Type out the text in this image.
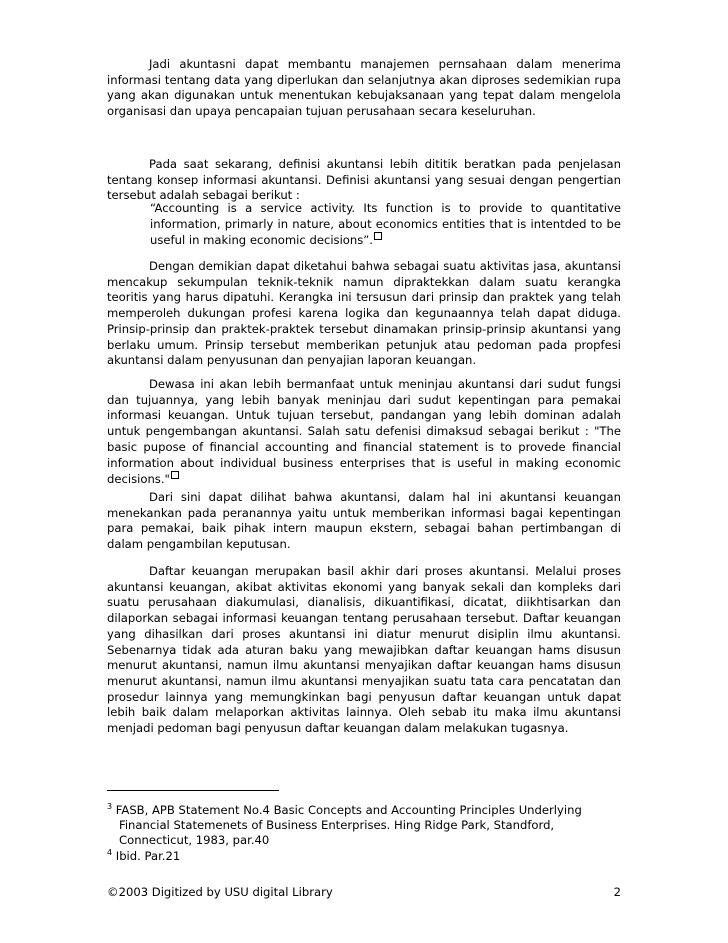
Jadi akuntasni dapat membantu manajemen pernsahaan dalam menerima informasi tentang data yang diperlukan dan selanjutnya akan diproses sedemikian rupa yang akan digunakan untuk menentukan kebujaksanaan yang tepat dalam mengelola organisasi dan upaya pencapaian tujuan perusahaan secara keseluruhan.

Pada saat sekarang, definisi akuntansi lebih dititik beratkan pada penjelasan tentang konsep informasi akuntansi. Definisi akuntansi yang sesuai dengan pengertian tersebut adalah sebagai berikut :

“Accounting is a service activity. Its function is to provide to quantitative information, primarly in nature, about economics entities that is intentded to be useful in making economic decisions”.

Dengan demikian dapat diketahui bahwa sebagai suatu aktivitas jasa, akuntansi mencakup sekumpulan teknik-teknik namun dipraktekkan dalam suatu kerangka teoritis yang harus dipatuhi. Kerangka ini tersusun dari prinsip dan praktek yang telah memperoleh dukungan profesi karena logika dan kegunaannya telah dapat diduga. Prinsip-prinsip dan praktek-praktek tersebut dinamakan prinsip-prinsip akuntansi yang berlaku umum. Prinsip tersebut memberikan petunjuk atau pedoman pada propfesi akuntansi dalam penyusunan dan penyajian laporan keuangan.

Dewasa ini akan lebih bermanfaat untuk meninjau akuntansi dari sudut fungsi dan tujuannya, yang lebih banyak meninjau dari sudut kepentingan para pemakai informasi keuangan. Untuk tujuan tersebut, pandangan yang lebih dominan adalah untuk pengembangan akuntansi. Salah satu defenisi dimaksud sebagai berikut : "The basic pupose of financial accounting and financial statement is to provede financial information about individual business enterprises that is useful in making economic decisions."

Dari sini dapat dilihat bahwa akuntansi, dalam hal ini akuntansi keuangan menekankan pada peranannya yaitu untuk memberikan informasi bagai kepentingan para pemakai, baik pihak intern maupun ekstern, sebagai bahan pertimbangan di dalam pengambilan keputusan.

Daftar keuangan merupakan basil akhir dari proses akuntansi. Melalui proses akuntansi keuangan, akibat aktivitas ekonomi yang banyak sekali dan kompleks dari suatu perusahaan diakumulasi, dianalisis, dikuantifikasi, dicatat, diikhtisarkan dan dilaporkan sebagai informasi keuangan tentang perusahaan tersebut. Daftar keuangan yang dihasilkan dari proses akuntansi ini diatur menurut disiplin ilmu akuntansi. Sebenarnya tidak ada aturan baku yang mewajibkan daftar keuangan hams disusun menurut akuntansi, namun ilmu akuntansi menyajikan daftar keuangan hams disusun menurut akuntansi, namun ilmu akuntansi menyajikan suatu tata cara pencatatan dan prosedur lainnya yang memungkinkan bagi penyusun daftar keuangan untuk dapat lebih baik dalam melaporkan aktivitas lainnya. Oleh sebab itu maka ilmu akuntansi menjadi pedoman bagi penyusun daftar keuangan dalam melakukan tugasnya.

$^3$ FASB, APB Statement No.4 Basic Concepts and Accounting Principles Underlying
Financial Statemenets of Business Enterprises. Hing Ridge Park, Standford,
Connecticut, 1983, par.40

$^4$ Ibid. Par.21

©2003 Digitized by USU digital Library	2
